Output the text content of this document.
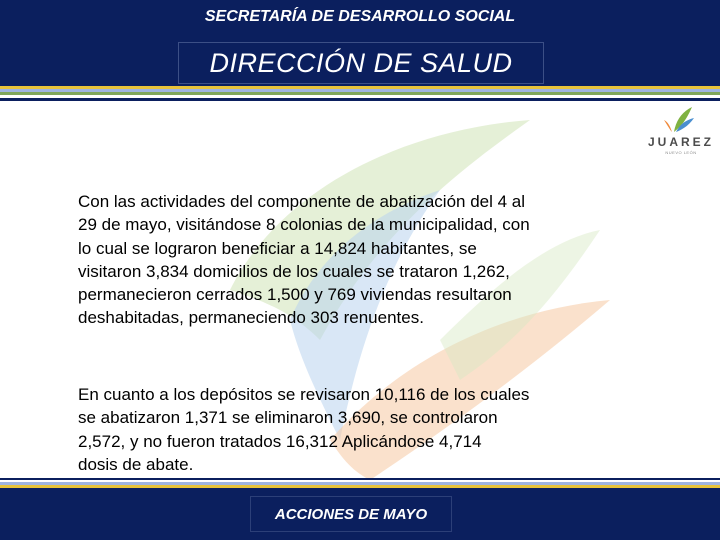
SECRETARÍA DE DESARROLLO SOCIAL
DIRECCIÓN DE SALUD
JUAREZ
NUEVO LEÓN
Con las actividades del componente de abatización del 4 al
29 de mayo, visitándose 8 colonias de la municipalidad, con
lo cual se lograron beneficiar a 14,824 habitantes, se
visitaron 3,834 domicilios de los cuales se trataron 1,262,
permanecieron cerrados 1,500 y 769 viviendas resultaron
deshabitadas, permaneciendo 303 renuentes.
En cuanto a los depósitos se revisaron 10,116 de los cuales
se abatizaron 1,371 se eliminaron 3,690, se controlaron
2,572, y no fueron tratados 16,312 Aplicándose 4,714
dosis de abate.
ACCIONES DE MAYO
